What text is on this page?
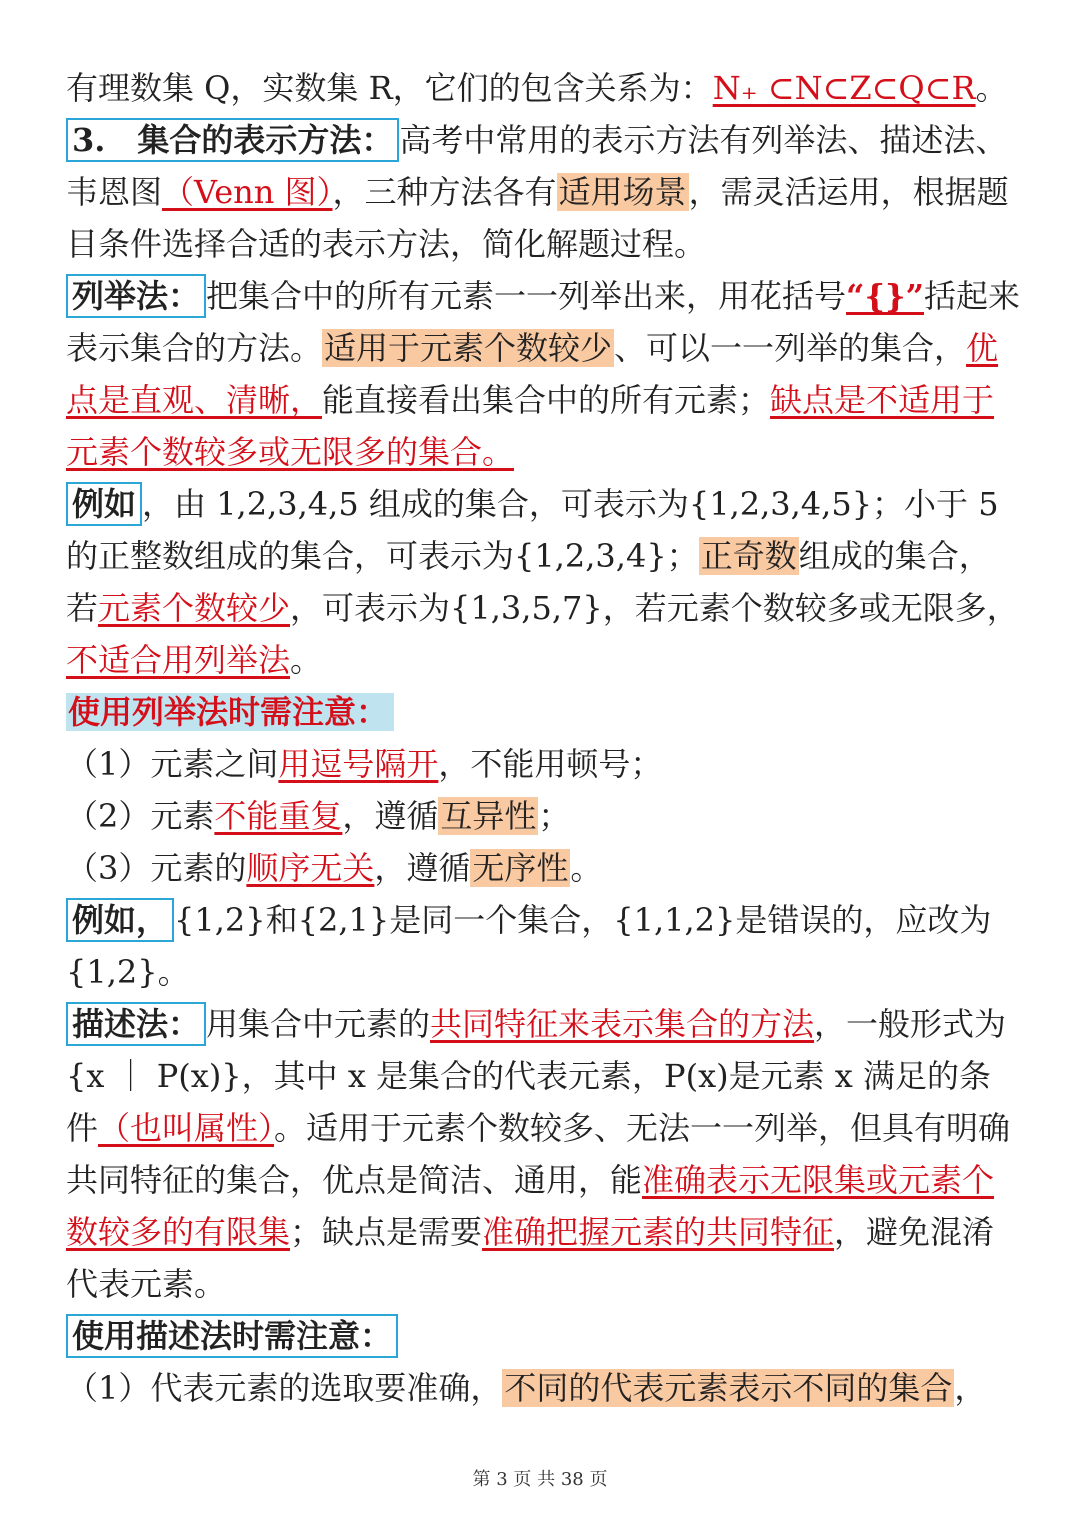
有理数集 Q，实数集 R，它们的包含关系为：N₊ ⊂N⊂Z⊂Q⊂R。

3.　集合的表示方法： 高考中常用的表示方法有列举法、描述法、韦恩图（Venn 图），三种方法各有适用场景，需灵活运用，根据题目条件选择合适的表示方法，简化解题过程。

列举法： 把集合中的所有元素一一列举出来，用花括号“{}”括起来表示集合的方法。适用于元素个数较少、可以一一列举的集合，优点是直观、清晰，能直接看出集合中的所有元素；缺点是不适用于元素个数较多或无限多的集合。

例如 ，由 1,2,3,4,5 组成的集合，可表示为{1,2,3,4,5}；小于 5 的正整数组成的集合，可表示为{1,2,3,4}；正奇数组成的集合，若元素个数较少，可表示为{1,3,5,7}，若元素个数较多或无限多，不适合用列举法。

使用列举法时需注意：

（1）元素之间用逗号隔开，不能用顿号；

（2）元素不能重复，遵循互异性；

（3）元素的顺序无关，遵循无序性。

例如， {1,2}和{2,1}是同一个集合，{1,1,2}是错误的，应改为{1,2}。

描述法： 用集合中元素的共同特征来表示集合的方法，一般形式为{x ｜ P(x)}，其中 x 是集合的代表元素，P(x)是元素 x 满足的条件（也叫属性）。适用于元素个数较多、无法一一列举，但具有明确共同特征的集合，优点是简洁、通用，能准确表示无限集或元素个数较多的有限集；缺点是需要准确把握元素的共同特征，避免混淆代表元素。

使用描述法时需注意：

（1）代表元素的选取要准确，不同的代表元素表示不同的集合，

第 3 页 共 38 页
